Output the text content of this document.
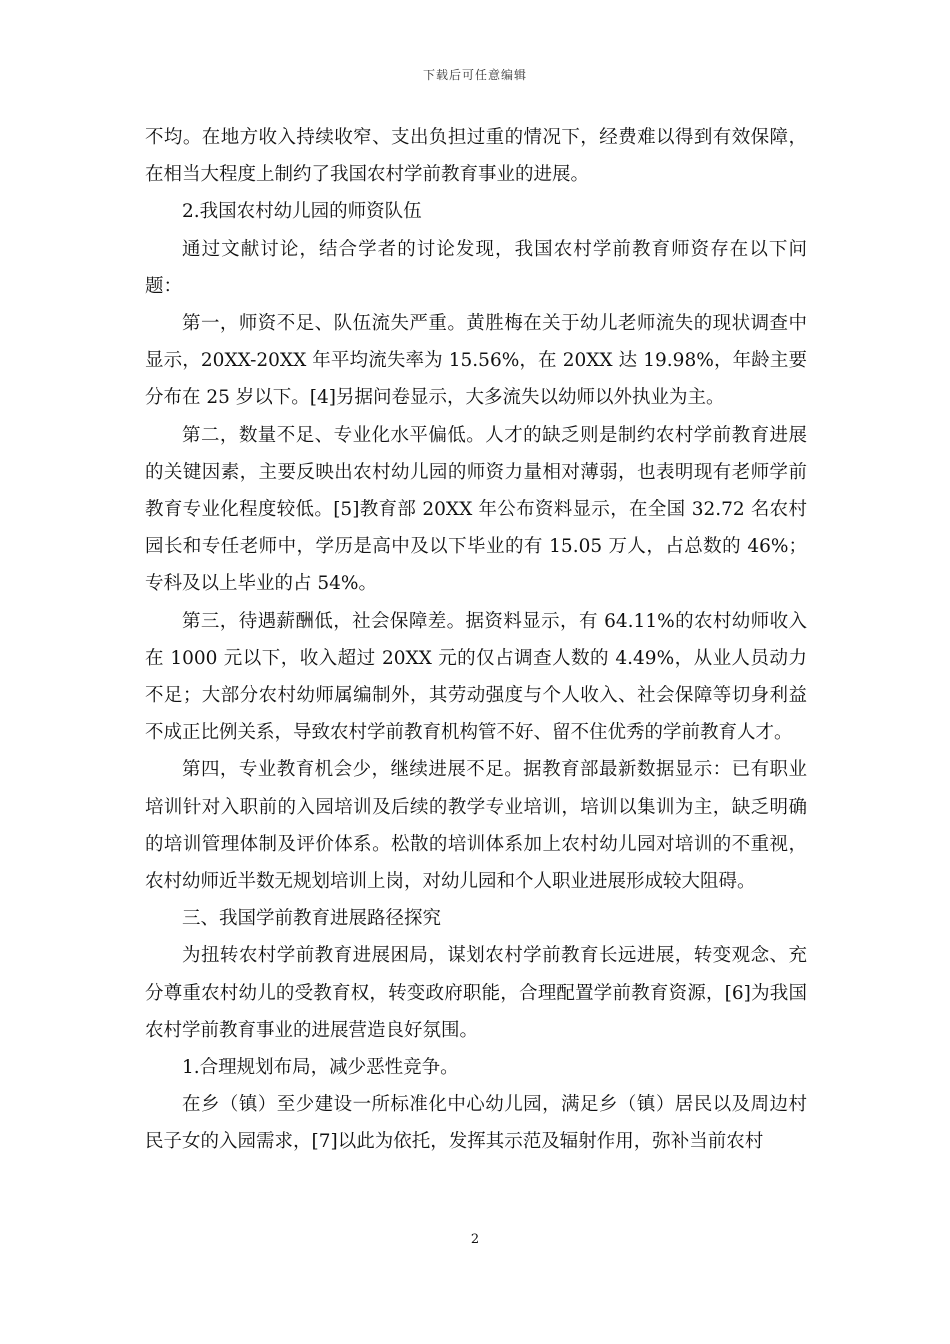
下载后可任意编辑

不均。在地方收入持续收窄、支出负担过重的情况下，经费难以得到有效保障，在相当大程度上制约了我国农村学前教育事业的进展。

2.我国农村幼儿园的师资队伍

通过文献讨论，结合学者的讨论发现，我国农村学前教育师资存在以下问题：

第一，师资不足、队伍流失严重。黄胜梅在关于幼儿老师流失的现状调查中显示，20XX-20XX 年平均流失率为 15.56%，在 20XX 达 19.98%，年龄主要分布在 25 岁以下。[4]另据问卷显示，大多流失以幼师以外执业为主。

第二，数量不足、专业化水平偏低。人才的缺乏则是制约农村学前教育进展的关键因素，主要反映出农村幼儿园的师资力量相对薄弱，也表明现有老师学前教育专业化程度较低。[5]教育部 20XX 年公布资料显示，在全国 32.72 名农村园长和专任老师中，学历是高中及以下毕业的有 15.05 万人，占总数的 46%；专科及以上毕业的占 54%。

第三，待遇薪酬低，社会保障差。据资料显示，有 64.11%的农村幼师收入在 1000 元以下，收入超过 20XX 元的仅占调查人数的 4.49%，从业人员动力不足；大部分农村幼师属编制外，其劳动强度与个人收入、社会保障等切身利益不成正比例关系，导致农村学前教育机构管不好、留不住优秀的学前教育人才。

第四，专业教育机会少，继续进展不足。据教育部最新数据显示：已有职业培训针对入职前的入园培训及后续的教学专业培训，培训以集训为主，缺乏明确的培训管理体制及评价体系。松散的培训体系加上农村幼儿园对培训的不重视，农村幼师近半数无规划培训上岗，对幼儿园和个人职业进展形成较大阻碍。

三、我国学前教育进展路径探究

为扭转农村学前教育进展困局，谋划农村学前教育长远进展，转变观念、充分尊重农村幼儿的受教育权，转变政府职能，合理配置学前教育资源，[6]为我国农村学前教育事业的进展营造良好氛围。

1.合理规划布局，减少恶性竞争。

在乡（镇）至少建设一所标准化中心幼儿园，满足乡（镇）居民以及周边村民子女的入园需求，[7]以此为依托，发挥其示范及辐射作用，弥补当前农村

2
